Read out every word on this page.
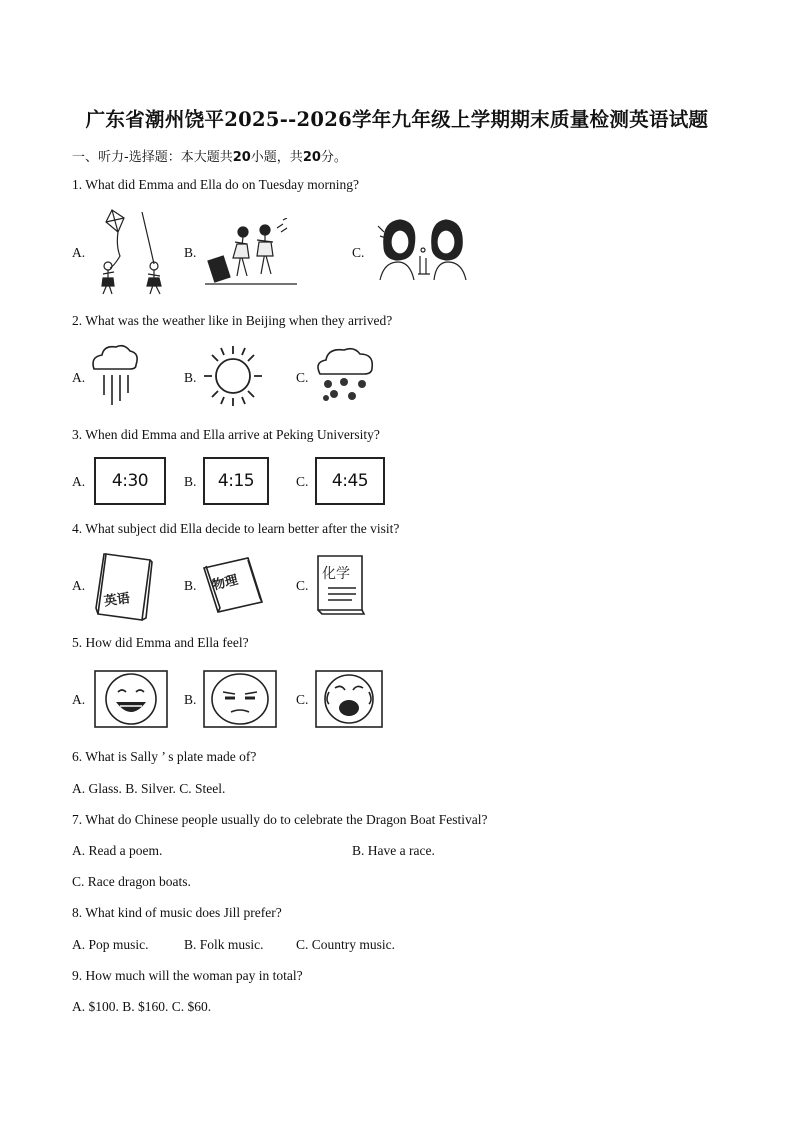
广东省潮州饶平2025--2026学年九年级上学期期末质量检测英语试题
一、听力-选择题：本大题共20小题，共20分。
1. What did Emma and Ella do on Tuesday morning?
A.	B.	C.
2. What was the weather like in Beijing when they arrived?
A.	B.	C.
3. When did Emma and Ella arrive at Peking University?
A.	4:30	B.	4:15	C.	4:45
4. What subject did Ella decide to learn better after the visit?
A.
英语
B. 物理	C.
化学
5. How did Emma and Ella feel?
A.	B.	C.
6. What is Sally ’ s plate made of?
A. Glass. B. Silver. C. Steel.
7. What do Chinese people usually do to celebrate the Dragon Boat Festival?
A. Read a poem.	B. Have a race.
C. Race dragon boats.
8. What kind of music does Jill prefer?
A. Pop music.	B. Folk music. C. Country music.
9. How much will the woman pay in total?
A. $100. B. $160. C. $60.
